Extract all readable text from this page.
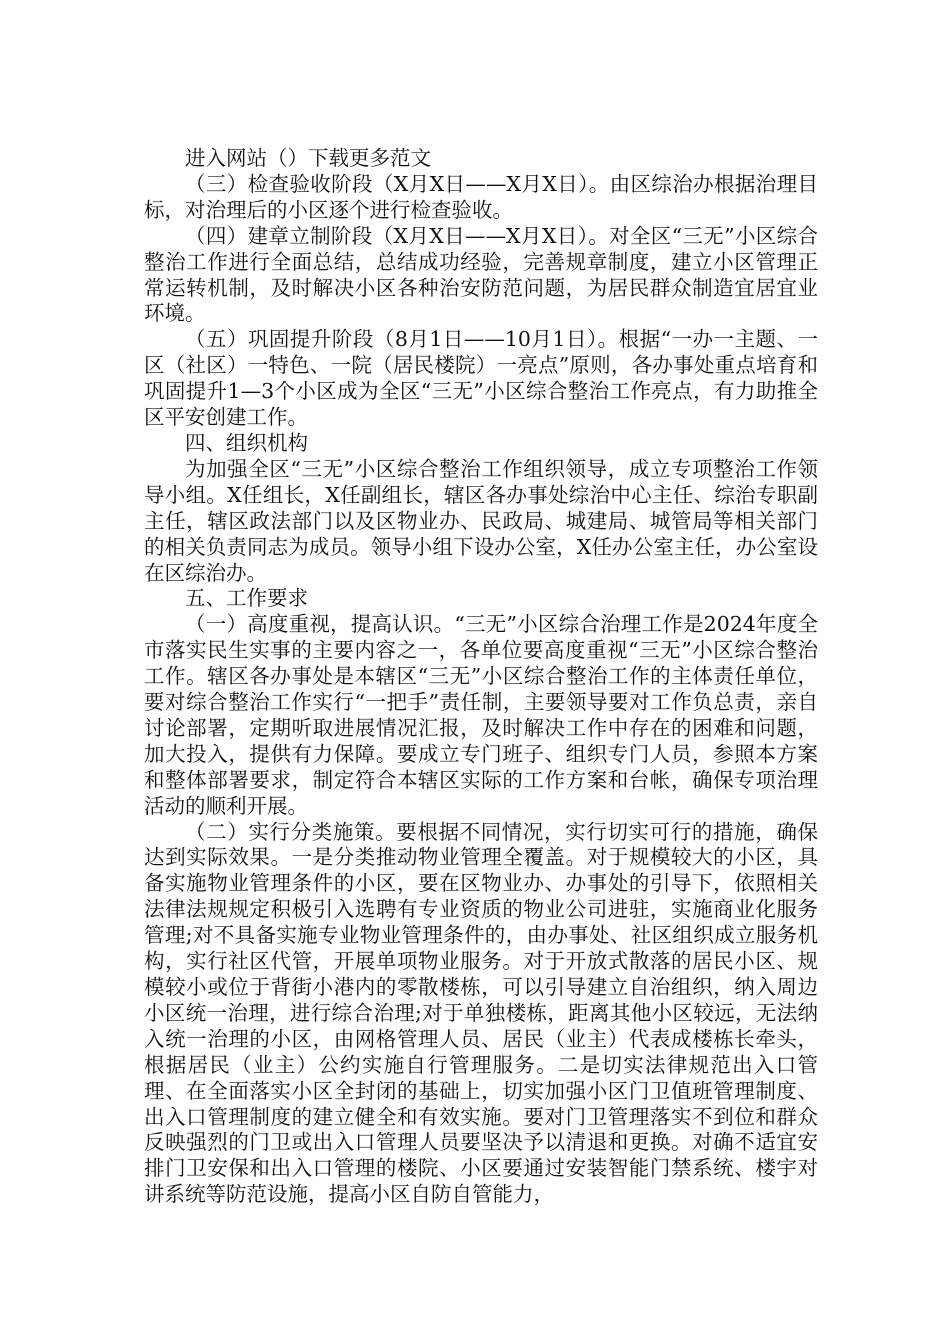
进入网站（）下载更多范文

（三）检查验收阶段（X月X日——X月X日）。由区综治办根据治理目标，对治理后的小区逐个进行检查验收。

（四）建章立制阶段（X月X日——X月X日）。对全区“三无”小区综合整治工作进行全面总结，总结成功经验，完善规章制度，建立小区管理正常运转机制，及时解决小区各种治安防范问题，为居民群众制造宜居宜业环境。

（五）巩固提升阶段（8月1日——10月1日）。根据“一办一主题、一区（社区）一特色、一院（居民楼院）一亮点”原则，各办事处重点培育和巩固提升1—3个小区成为全区“三无”小区综合整治工作亮点，有力助推全区平安创建工作。

四、组织机构

为加强全区“三无”小区综合整治工作组织领导，成立专项整治工作领导小组。X任组长，X任副组长，辖区各办事处综治中心主任、综治专职副主任，辖区政法部门以及区物业办、民政局、城建局、城管局等相关部门的相关负责同志为成员。领导小组下设办公室，X任办公室主任，办公室设在区综治办。

五、工作要求

（一）高度重视，提高认识。“三无”小区综合治理工作是2024年度全市落实民生实事的主要内容之一，各单位要高度重视“三无”小区综合整治工作。辖区各办事处是本辖区“三无”小区综合整治工作的主体责任单位，要对综合整治工作实行“一把手”责任制，主要领导要对工作负总责，亲自讨论部署，定期听取进展情况汇报，及时解决工作中存在的困难和问题，加大投入，提供有力保障。要成立专门班子、组织专门人员，参照本方案和整体部署要求，制定符合本辖区实际的工作方案和台帐，确保专项治理活动的顺利开展。

（二）实行分类施策。要根据不同情况，实行切实可行的措施，确保达到实际效果。一是分类推动物业管理全覆盖。对于规模较大的小区，具备实施物业管理条件的小区，要在区物业办、办事处的引导下，依照相关法律法规规定积极引入选聘有专业资质的物业公司进驻，实施商业化服务管理;对不具备实施专业物业管理条件的，由办事处、社区组织成立服务机构，实行社区代管，开展单项物业服务。对于开放式散落的居民小区、规模较小或位于背街小港内的零散楼栋，可以引导建立自治组织，纳入周边小区统一治理，进行综合治理;对于单独楼栋，距离其他小区较远，无法纳入统一治理的小区，由网格管理人员、居民（业主）代表成楼栋长牵头，根据居民（业主）公约实施自行管理服务。二是切实法律规范出入口管理、在全面落实小区全封闭的基础上，切实加强小区门卫值班管理制度、出入口管理制度的建立健全和有效实施。要对门卫管理落实不到位和群众反映强烈的门卫或出入口管理人员要坚决予以清退和更换。对确不适宜安排门卫安保和出入口管理的楼院、小区要通过安装智能门禁系统、楼宇对讲系统等防范设施，提高小区自防自管能力，
